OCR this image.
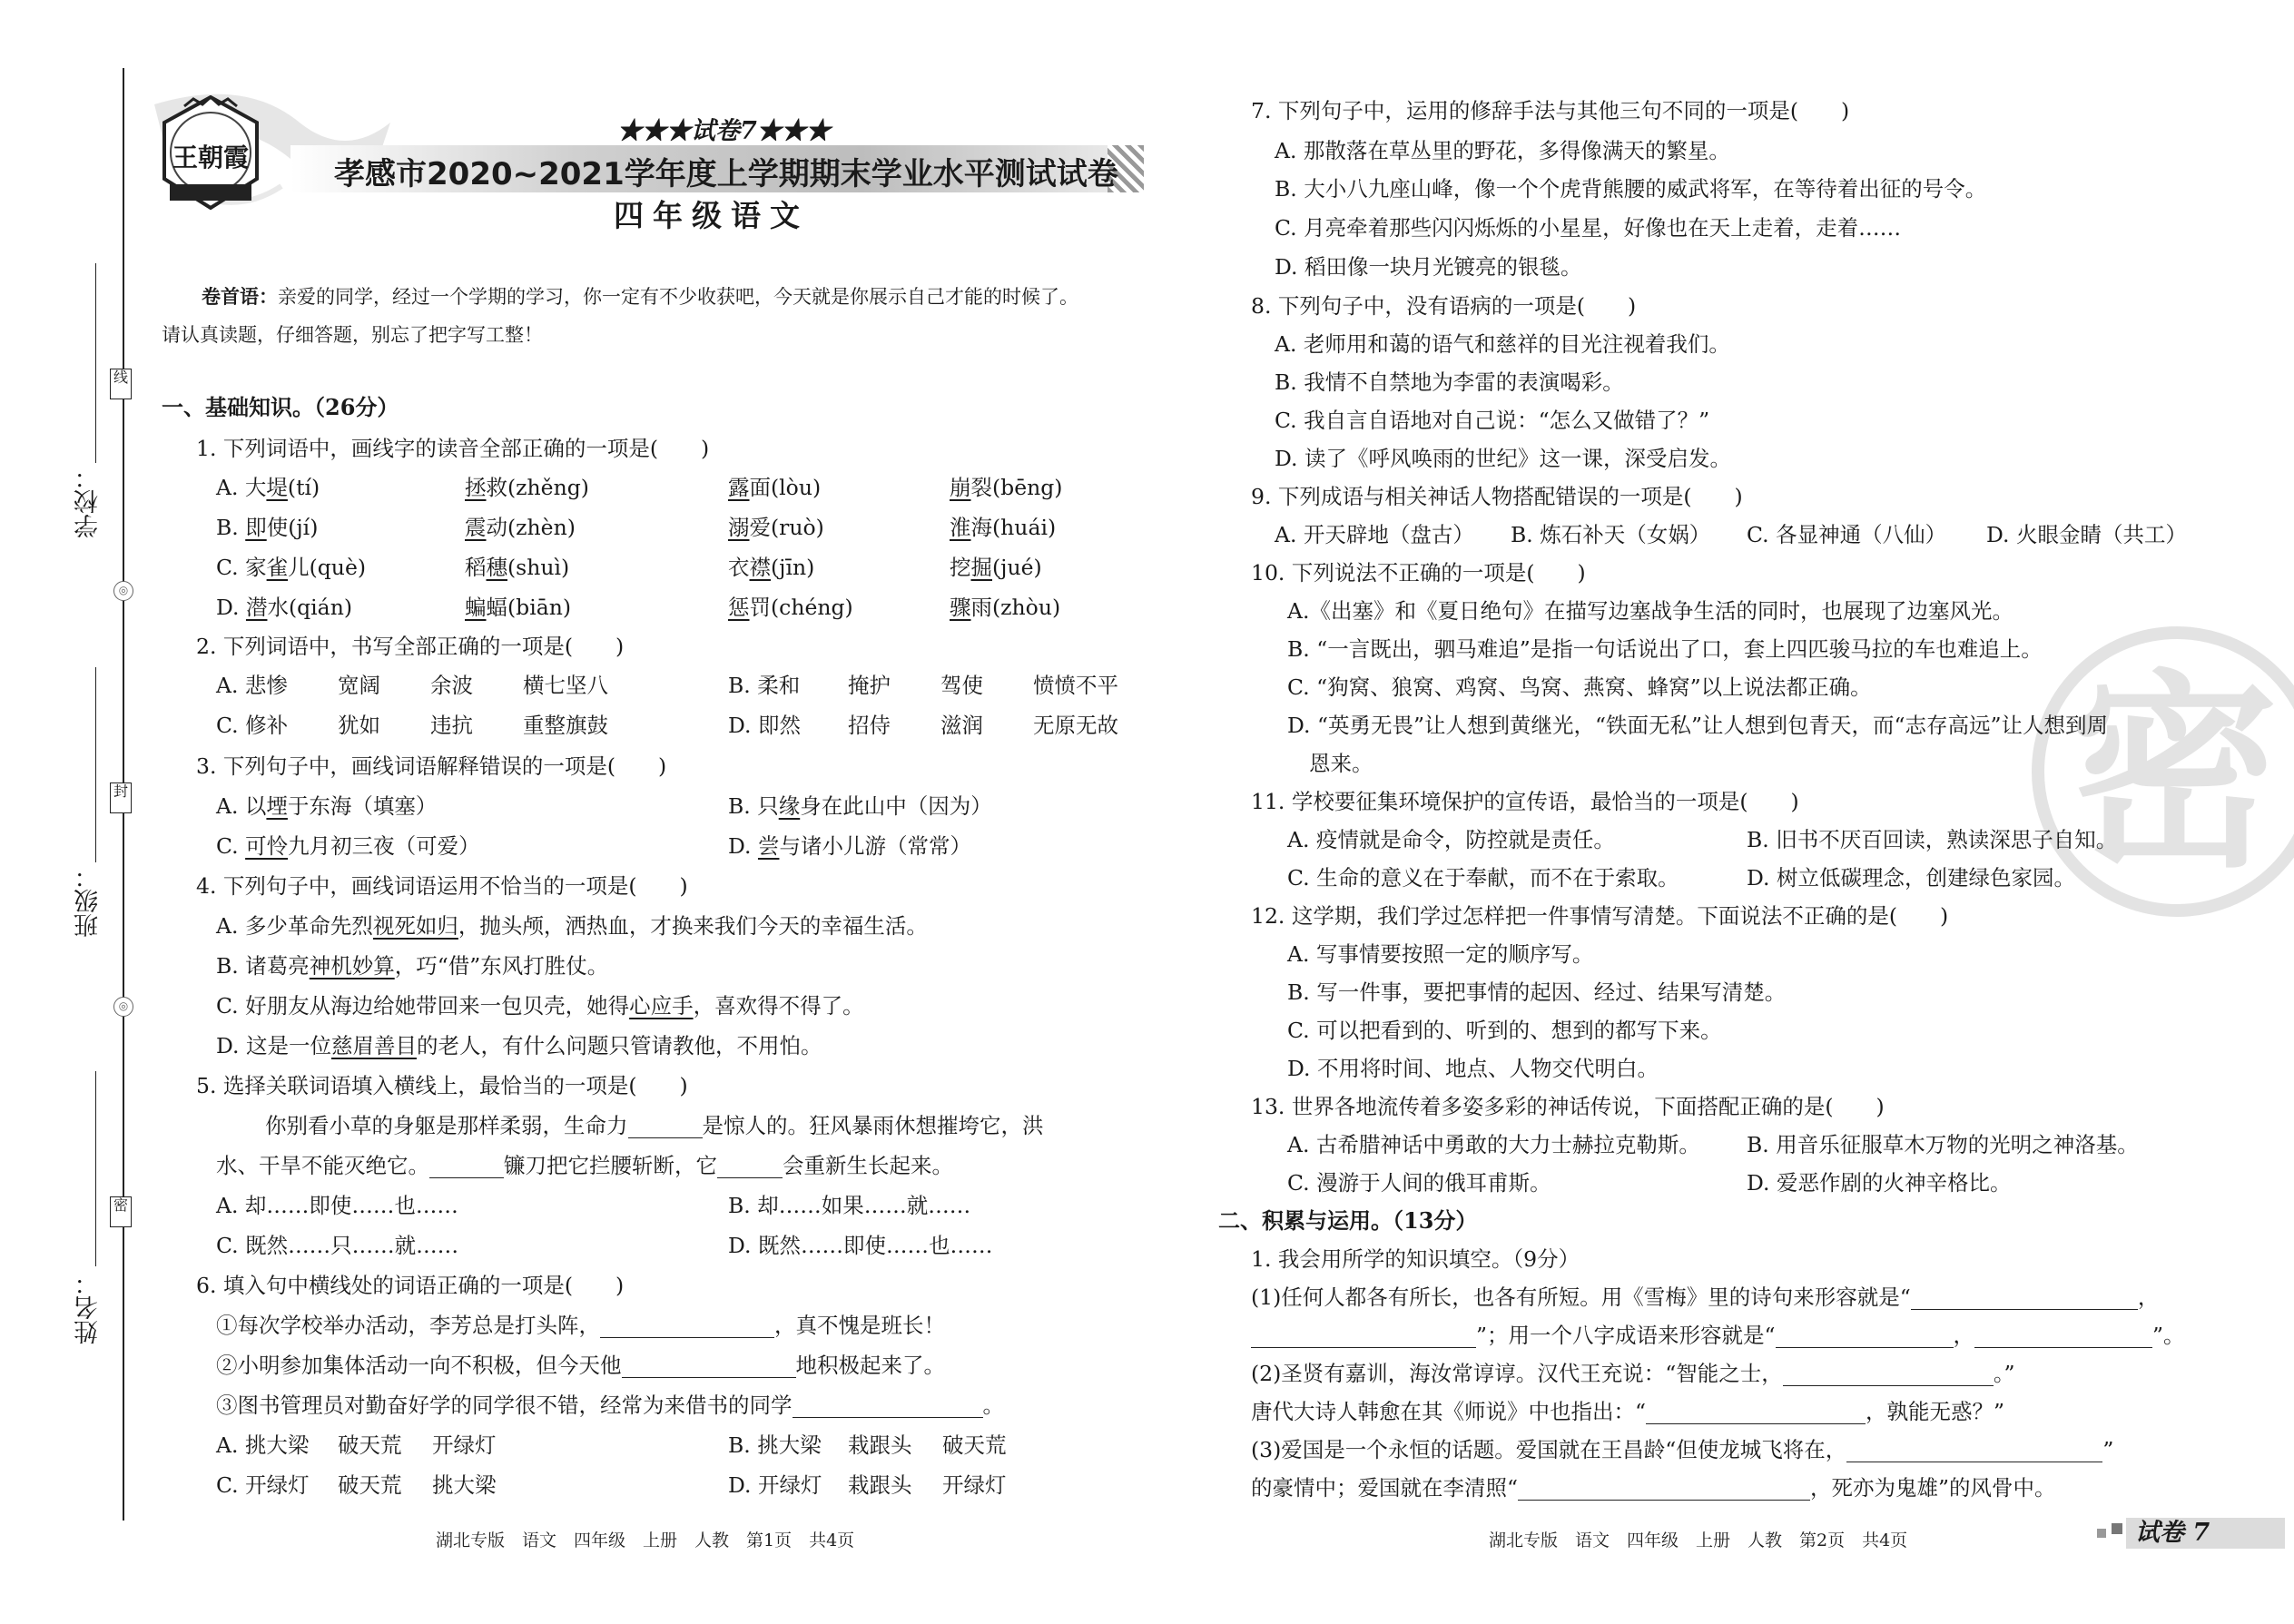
线
封
密
◎
◎
学校：
班级：
姓名：
王朝霞
★★★试卷7★★★
孝感市2020~2021学年度上学期期末学业水平测试试卷
四年级语文
卷首语：亲爱的同学，经过一个学期的学习，你一定有不少收获吧，今天就是你展示自己才能的时候了。
请认真读题，仔细答题，别忘了把字写工整！
一、基础知识。（26分）
1. 下列词语中，画线字的读音全部正确的一项是(　　)
A. 大堤(tí)	拯救(zhěng)	露面(lòu)	崩裂(bēng)
B. 即使(jí)	震动(zhèn)	溺爱(ruò)	淮海(huái)
C. 家雀儿(què)	稻穗(shuì)	衣襟(jīn)	挖掘(jué)
D. 潜水(qián)	蝙蝠(biān)	惩罚(chéng)	骤雨(zhòu)
2. 下列词语中，书写全部正确的一项是(　　)
A. 悲惨 宽阔 余波 横七坚八	B. 柔和 掩护 驾使 愤愤不平
C. 修补 犹如 违抗 重整旗鼓	D. 即然 招侍 滋润 无原无故
3. 下列句子中，画线词语解释错误的一项是(　　)
A. 以堙于东海（填塞）	B. 只缘身在此山中（因为）
C. 可怜九月初三夜（可爱）	D. 尝与诸小儿游（常常）
4. 下列句子中，画线词语运用不恰当的一项是(　　)
A. 多少革命先烈视死如归，抛头颅，洒热血，才换来我们今天的幸福生活。
B. 诸葛亮神机妙算，巧“借”东风打胜仗。
C. 好朋友从海边给她带回来一包贝壳，她得心应手，喜欢得不得了。
D. 这是一位慈眉善目的老人，有什么问题只管请教他，不用怕。
5. 选择关联词语填入横线上，最恰当的一项是(　　)
你别看小草的身躯是那样柔弱，生命力	是惊人的。狂风暴雨休想摧垮它，洪
水、干旱不能灭绝它。	镰刀把它拦腰斩断，它	会重新生长起来。
A. 却……即使……也……	B. 却……如果……就……
C. 既然……只……就……	D. 既然……即使……也……
6. 填入句中横线处的词语正确的一项是(　　)
①每次学校举办活动，李芳总是打头阵，	，真不愧是班长！
②小明参加集体活动一向不积极，但今天他	地积极起来了。
③图书管理员对勤奋好学的同学很不错，经常为来借书的同学	。
A. 挑大梁 破天荒 开绿灯	B. 挑大梁 栽跟头 破天荒
C. 开绿灯 破天荒 挑大梁	D. 开绿灯 栽跟头 开绿灯
湖北专版　语文　四年级　上册　人教　第1页　共4页
密
7. 下列句子中，运用的修辞手法与其他三句不同的一项是(　　)
A. 那散落在草丛里的野花，多得像满天的繁星。
B. 大小八九座山峰，像一个个虎背熊腰的威武将军，在等待着出征的号令。
C. 月亮牵着那些闪闪烁烁的小星星，好像也在天上走着，走着……
D. 稻田像一块月光镀亮的银毯。
8. 下列句子中，没有语病的一项是(　　)
A. 老师用和蔼的语气和慈祥的目光注视着我们。
B. 我情不自禁地为李雷的表演喝彩。
C. 我自言自语地对自己说：“怎么又做错了？”
D. 读了《呼风唤雨的世纪》这一课，深受启发。
9. 下列成语与相关神话人物搭配错误的一项是(　　)
A. 开天辟地（盘古） B. 炼石补天（女娲） C. 各显神通（八仙） D. 火眼金睛（共工）
10. 下列说法不正确的一项是(　　)
A.《出塞》和《夏日绝句》在描写边塞战争生活的同时，也展现了边塞风光。
B. “一言既出，驷马难追”是指一句话说出了口，套上四匹骏马拉的车也难追上。
C. “狗窝、狼窝、鸡窝、鸟窝、燕窝、蜂窝”以上说法都正确。
D. “英勇无畏”让人想到黄继光，“铁面无私”让人想到包青天，而“志存高远”让人想到周
恩来。
11. 学校要征集环境保护的宣传语，最恰当的一项是(　　)
A. 疫情就是命令，防控就是责任。	B. 旧书不厌百回读，熟读深思子自知。
C. 生命的意义在于奉献，而不在于索取。	D. 树立低碳理念，创建绿色家园。
12. 这学期，我们学过怎样把一件事情写清楚。下面说法不正确的是(　　)
A. 写事情要按照一定的顺序写。
B. 写一件事，要把事情的起因、经过、结果写清楚。
C. 可以把看到的、听到的、想到的都写下来。
D. 不用将时间、地点、人物交代明白。
13. 世界各地流传着多姿多彩的神话传说，下面搭配正确的是(　　)
A. 古希腊神话中勇敢的大力士赫拉克勒斯。 B. 用音乐征服草木万物的光明之神洛基。
C. 漫游于人间的俄耳甫斯。	D. 爱恶作剧的火神辛格比。
二、积累与运用。（13分）
1. 我会用所学的知识填空。（9分）
(1)任何人都各有所长，也各有所短。用《雪梅》里的诗句来形容就是“	，
”；用一个八字成语来形容就是“	，	”。
(2)圣贤有嘉训，海汝常谆谆。汉代王充说：“智能之士，	。”
唐代大诗人韩愈在其《师说》中也指出：“	，孰能无惑？”
(3)爱国是一个永恒的话题。爱国就在王昌龄“但使龙城飞将在，	”
的豪情中；爱国就在李清照“	，死亦为鬼雄”的风骨中。
湖北专版　语文　四年级　上册　人教　第2页　共4页	试卷 7
